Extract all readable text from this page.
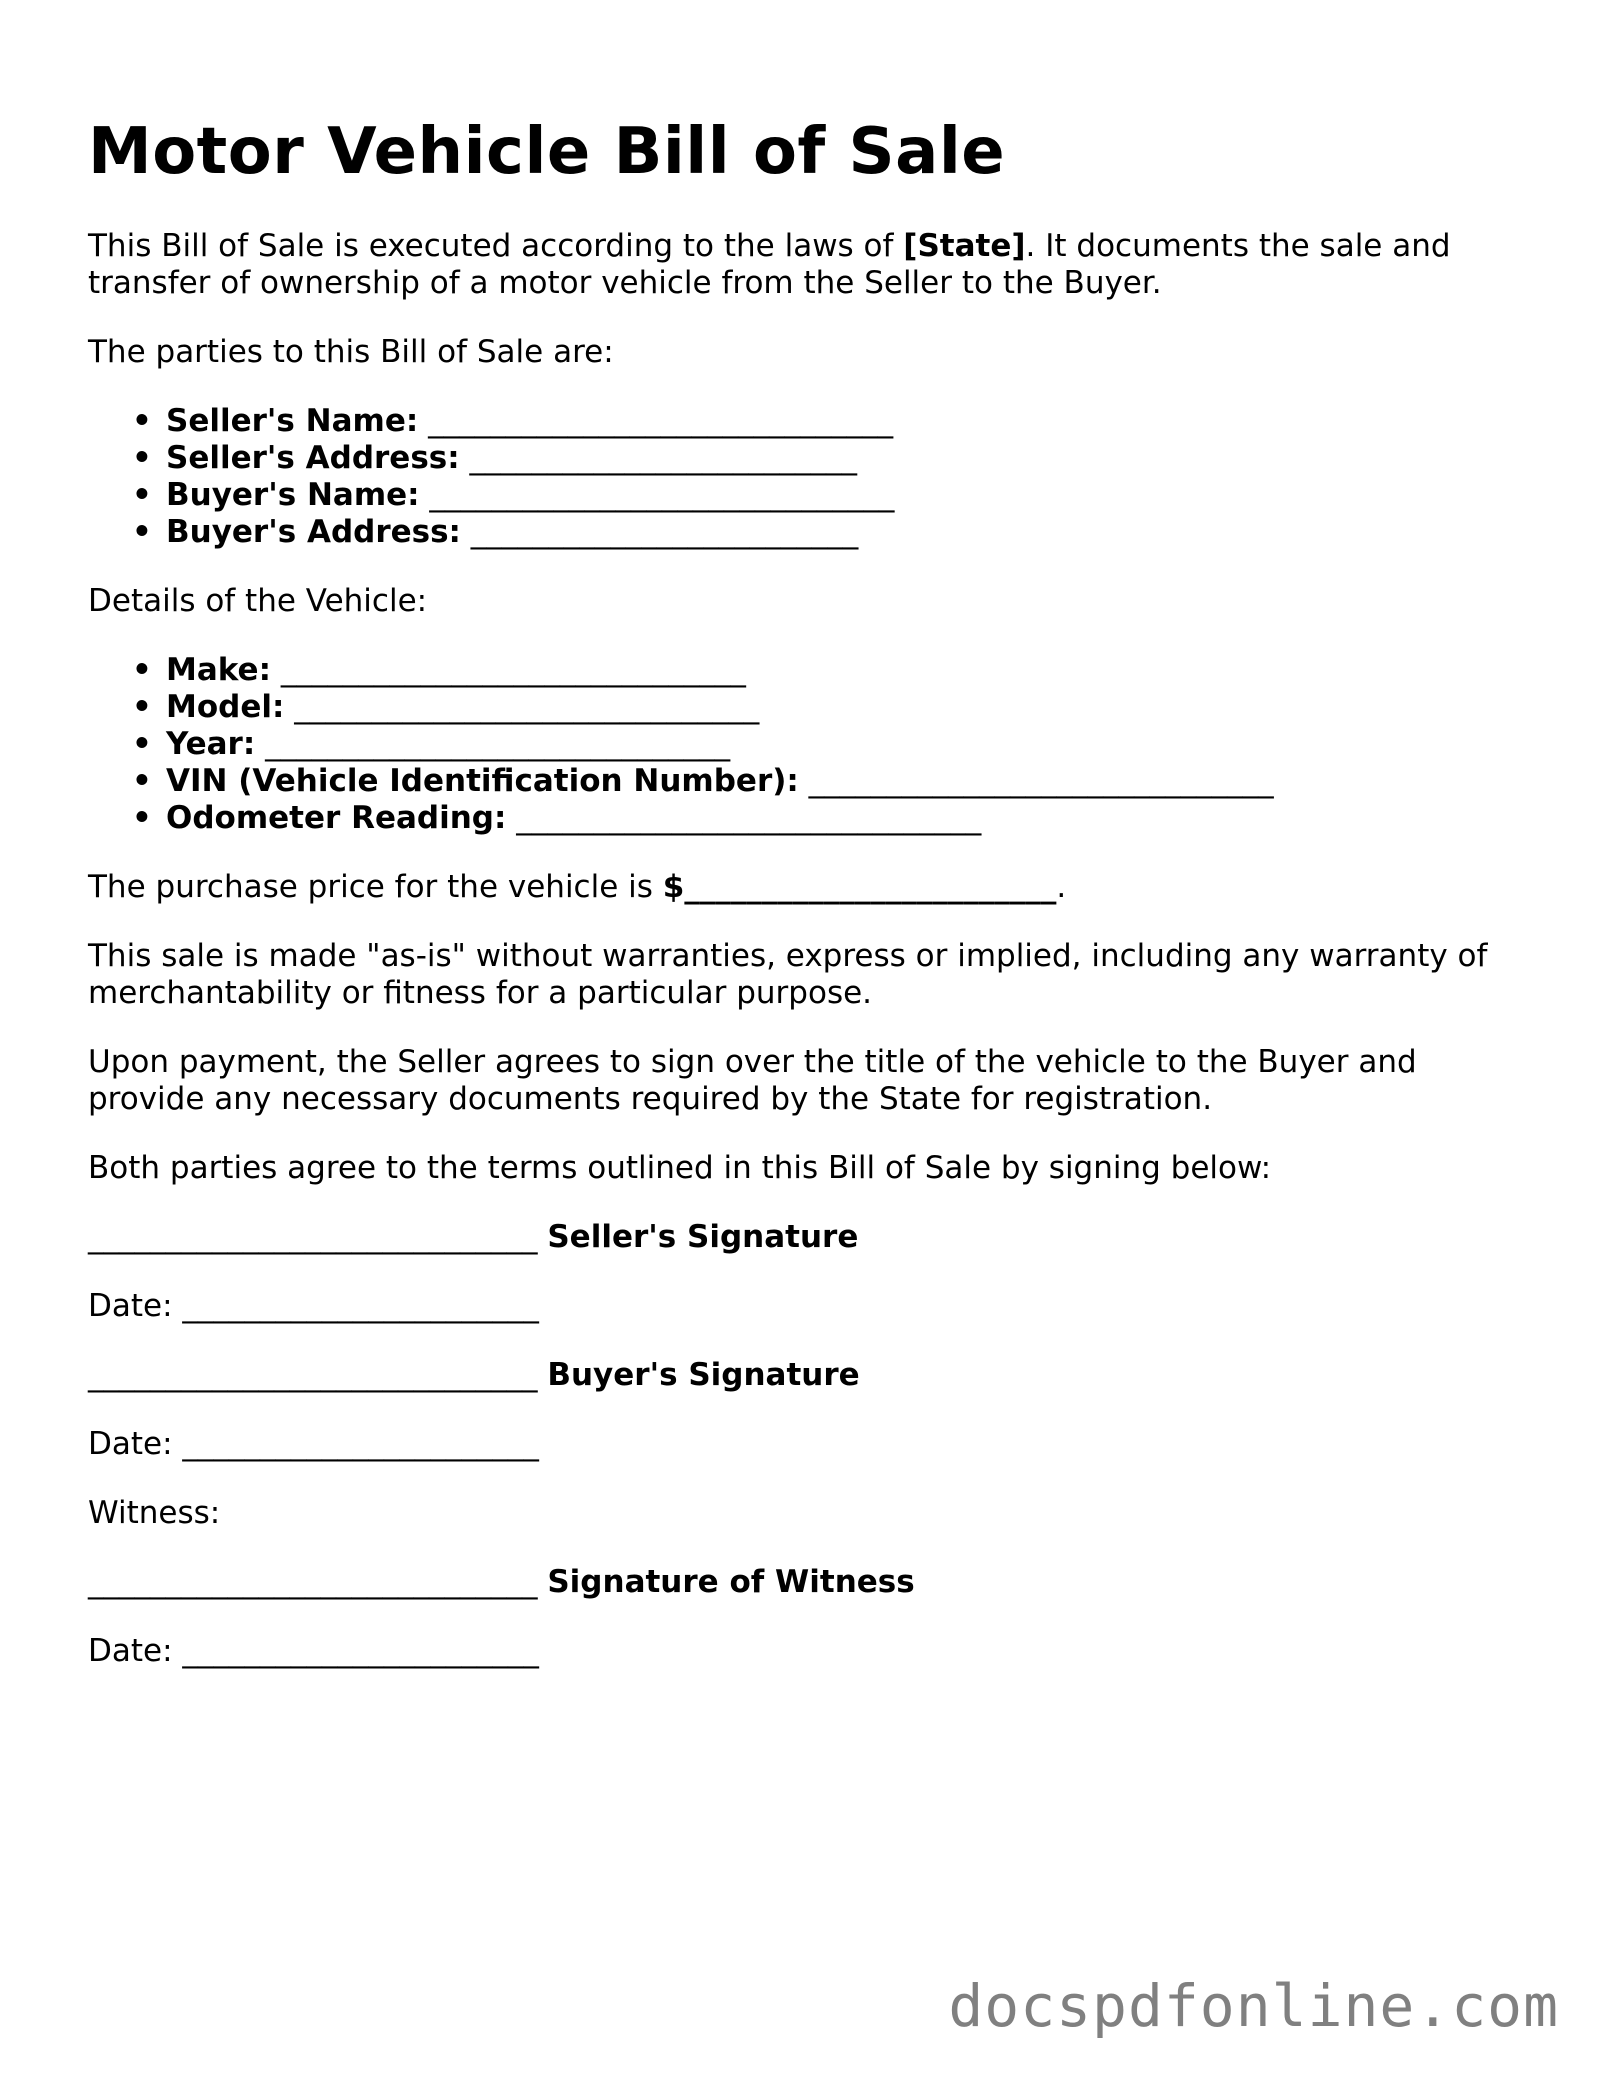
Motor Vehicle Bill of Sale

This Bill of Sale is executed according to the laws of [State]. It documents the sale and transfer of ownership of a motor vehicle from the Seller to the Buyer.

The parties to this Bill of Sale are:

• Seller's Name: ______________________________
• Seller's Address: _________________________
• Buyer's Name: ______________________________
• Buyer's Address: _________________________

Details of the Vehicle:

• Make: ______________________________
• Model: ______________________________
• Year: ______________________________
• VIN (Vehicle Identification Number): ______________________________
• Odometer Reading: ______________________________

The purchase price for the vehicle is $________________________.

This sale is made "as-is" without warranties, express or implied, including any warranty of merchantability or fitness for a particular purpose.

Upon payment, the Seller agrees to sign over the title of the vehicle to the Buyer and provide any necessary documents required by the State for registration.

Both parties agree to the terms outlined in this Bill of Sale by signing below:

_____________________________ Seller's Signature

Date: _______________________

_____________________________ Buyer's Signature

Date: _______________________

Witness:

_____________________________ Signature of Witness

Date: _______________________

docspdfonline.com
